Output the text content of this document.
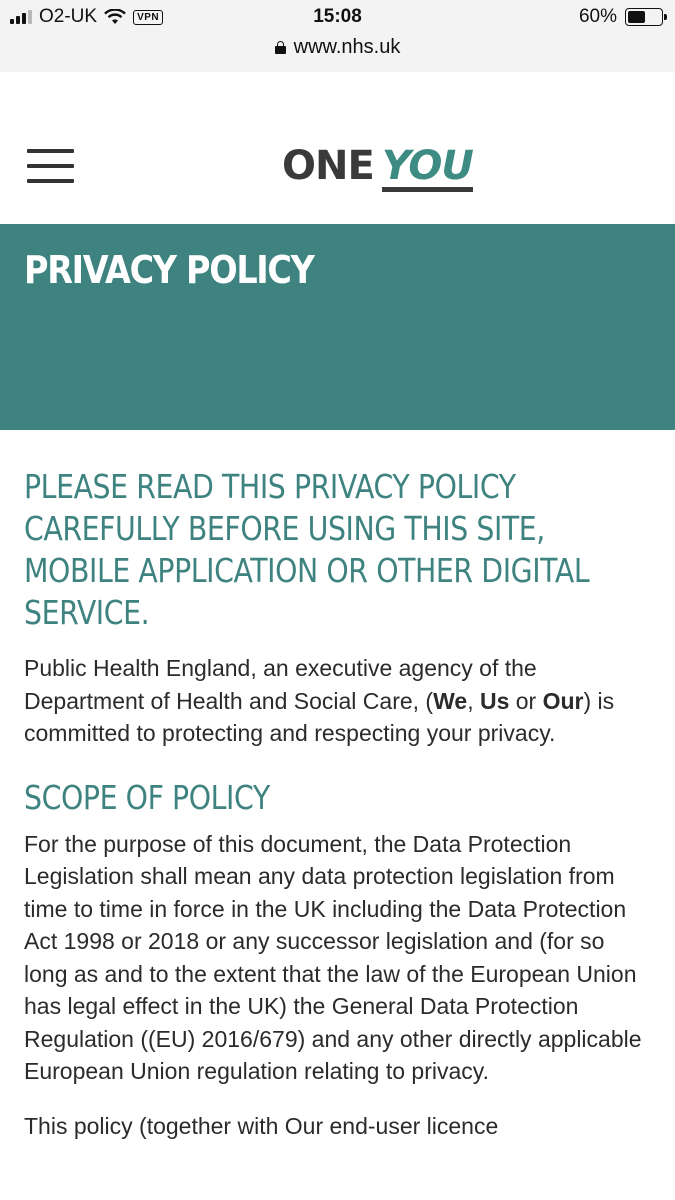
O2-UK	VPN	15:08	60%
www.nhs.uk
ONE YOU
PRIVACY POLICY
PLEASE READ THIS PRIVACY POLICY CAREFULLY BEFORE USING THIS SITE, MOBILE APPLICATION OR OTHER DIGITAL SERVICE.

Public Health England, an executive agency of the Department of Health and Social Care, (We, Us or Our) is committed to protecting and respecting your privacy.

SCOPE OF POLICY

For the purpose of this document, the Data Protection Legislation shall mean any data protection legislation from time to time in force in the UK including the Data Protection Act 1998 or 2018 or any successor legislation and (for so long as and to the extent that the law of the European Union has legal effect in the UK) the General Data Protection Regulation ((EU) 2016/679) and any other directly applicable European Union regulation relating to privacy.

This policy (together with Our end-user licence
